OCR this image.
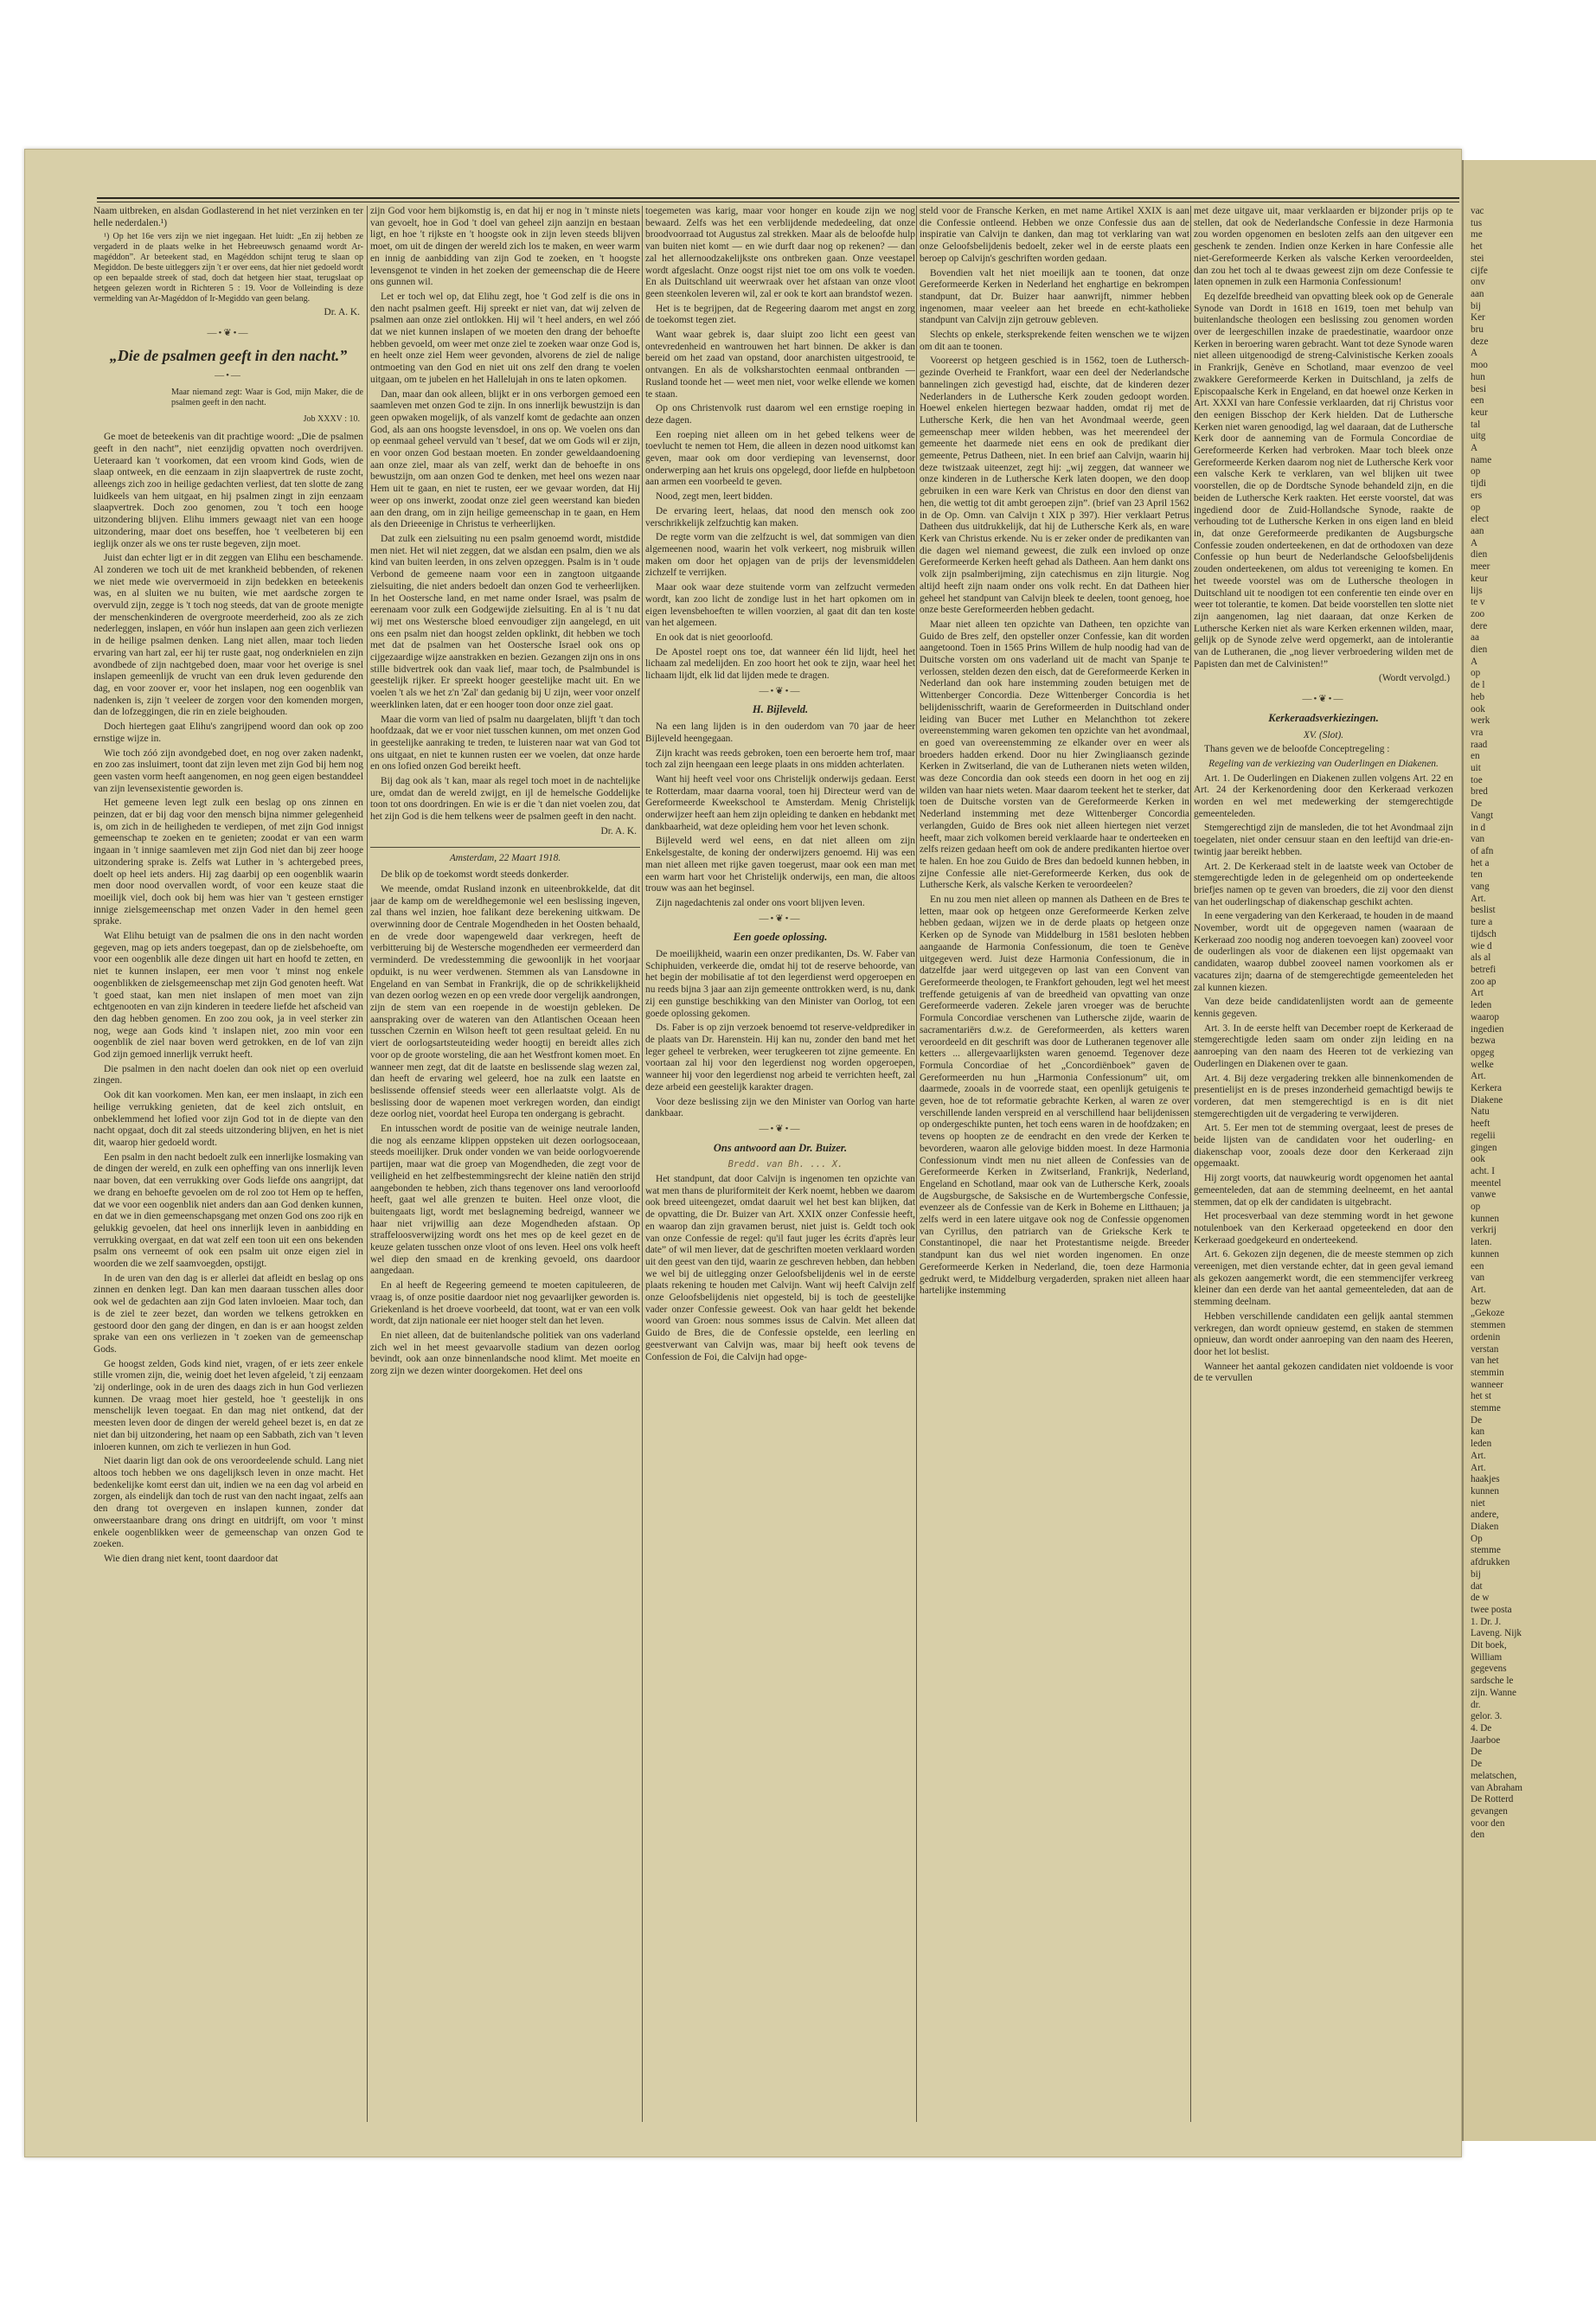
Naam uitbreken, en alsdan Godlasterend in het niet verzinken en ter helle nederdalen.¹)

¹) Op het 16e vers zijn we niet ingegaan. Het luidt: „En zij hebben ze vergaderd in de plaats welke in het Hebreeuwsch genaamd wordt Ar-magéddon”. Ar beteekent stad, en Magéddon schijnt terug te slaan op Megiddon. De beste uitleggers zijn 't er over eens, dat hier niet gedoeld wordt op een bepaalde streek of stad, doch dat hetgeen hier staat, terugslaat op hetgeen gelezen wordt in Richteren 5 : 19. Voor de Volleinding is deze vermelding van Ar-Magéddon of Ir-Megiddo van geen belang.

Dr. A. K.

—•❦•—

„Die de psalmen geeft in den nacht.”

—•—

Maar niemand zegt: Waar is God, mijn Maker, die de psalmen geeft in den nacht.

Job XXXV : 10.

Ge moet de beteekenis van dit prachtige woord: „Die de psalmen geeft in den nacht”, niet eenzijdig opvatten noch overdrijven. Ueteraard kan 't voorkomen, dat een vroom kind Gods, wien de slaap ontweek, en die eenzaam in zijn slaapvertrek de ruste zocht, alleengs zich zoo in heilige gedachten verliest, dat ten slotte de zang luidkeels van hem uitgaat, en hij psalmen zingt in zijn eenzaam slaapvertrek. Doch zoo genomen, zou 't toch een hooge uitzondering blijven. Elihu immers gewaagt niet van een hooge uitzondering, maar doet ons beseffen, hoe 't veelbeteren bij een ieglijk onzer als we ons ter ruste begeven, zijn moet.

Juist dan echter ligt er in dit zeggen van Elihu een beschamende. Al zonderen we toch uit de met krankheid bebbenden, of rekenen we niet mede wie oververmoeid in zijn bedekken en beteekenis was, en al sluiten we nu buiten, wie met aardsche zorgen te overvuld zijn, zegge is 't toch nog steeds, dat van de groote menigte der menschenkinderen de overgroote meerderheid, zoo als ze zich nederleggen, inslapen, en vóór hun inslapen aan geen zich verliezen in de heilige psalmen denken. Lang niet allen, maar toch lieden ervaring van hart zal, eer hij ter ruste gaat, nog onderknielen en zijn avondbede of zijn nachtgebed doen, maar voor het overige is snel inslapen gemeenlijk de vrucht van een druk leven gedurende den dag, en voor zoover er, voor het inslapen, nog een oogenblik van nadenken is, zijn 't veeleer de zorgen voor den komenden morgen, dan de lofzeggingen, die rin en ziele beighouden.

Doch hiertegen gaat Elihu's zangrijpend woord dan ook op zoo ernstige wijze in.

Wie toch zóó zijn avondgebed doet, en nog over zaken nadenkt, en zoo zas insluimert, toont dat zijn leven met zijn God bij hem nog geen vasten vorm heeft aangenomen, en nog geen eigen bestanddeel van zijn levensexistentie geworden is.

Het gemeene leven legt zulk een beslag op ons zinnen en peinzen, dat er bij dag voor den mensch bijna nimmer gelegenheid is, om zich in de heiligheden te verdiepen, of met zijn God innigst gemeenschap te zoeken en te genieten; zoodat er van een warm ingaan in 't innige saamleven met zijn God niet dan bij zeer hooge uitzondering sprake is. Zelfs wat Luther in 's achtergebed prees, doelt op heel iets anders. Hij zag daarbij op een oogenblik waarin men door nood overvallen wordt, of voor een keuze staat die moeilijk viel, doch ook bij hem was hier van 't gesteen ernstiger innige zielsgemeenschap met onzen Vader in den hemel geen sprake.

Wat Elihu betuigt van de psalmen die ons in den nacht worden gegeven, mag op iets anders toegepast, dan op de zielsbehoefte, om voor een oogenblik alle deze dingen uit hart en hoofd te zetten, en niet te kunnen inslapen, eer men voor 't minst nog enkele oogenblikken de zielsgemeenschap met zijn God genoten heeft. Wat 't goed staat, kan men niet inslapen of men moet van zijn echtgenooten en van zijn kinderen in teedere liefde het afscheid van den dag hebben genomen. En zoo zou ook, ja in veel sterker zin nog, wege aan Gods kind 't inslapen niet, zoo min voor een oogenblik de ziel naar boven werd getrokken, en de lof van zijn God zijn gemoed innerlijk verrukt heeft.

Die psalmen in den nacht doelen dan ook niet op een overluid zingen.

Ook dit kan voorkomen. Men kan, eer men inslaapt, in zich een heilige verrukking genieten, dat de keel zich ontsluit, en onbeklemmend het lofied voor zijn God tot in de diepte van den nacht opgaat, doch dit zal steeds uitzondering blijven, en het is niet dit, waarop hier gedoeld wordt.

Een psalm in den nacht bedoelt zulk een innerlijke losmaking van de dingen der wereld, en zulk een opheffing van ons innerlijk leven naar boven, dat een verrukking over Gods liefde ons aangrijpt, dat we drang en behoefte gevoelen om de rol zoo tot Hem op te heffen, dat we voor een oogenblik niet anders dan aan God denken kunnen, en dat we in dien gemeenschapsgang met onzen God ons zoo rijk en gelukkig gevoelen, dat heel ons innerlijk leven in aanbidding en verrukking overgaat, en dat wat zelf een toon uit een ons bekenden psalm ons verneemt of ook een psalm uit onze eigen ziel in woorden die we zelf saamvoegden, opstijgt.

In de uren van den dag is er allerlei dat afleidt en beslag op ons zinnen en denken legt. Dan kan men daaraan tusschen alles door ook wel de gedachten aan zijn God laten invloeien. Maar toch, dan is de ziel te zeer bezet, dan worden we telkens getrokken en gestoord door den gang der dingen, en dan is er aan hoogst zelden sprake van een ons verliezen in 't zoeken van de gemeenschap Gods.

Ge hoogst zelden, Gods kind niet, vragen, of er iets zeer enkele stille vromen zijn, die, weinig doet het leven afgeleid, 't zij eenzaam 'zij onderlinge, ook in de uren des daags zich in hun God verliezen kunnen. De vraag moet hier gesteld, hoe 't geestelijk in ons menschelijk leven toegaat. En dan mag niet ontkend, dat der meesten leven door de dingen der wereld geheel bezet is, en dat ze niet dan bij uitzondering, het naam op een Sabbath, zich van 't leven inloeren kunnen, om zich te verliezen in hun God.

Niet daarin ligt dan ook de ons veroordeelende schuld. Lang niet altoos toch hebben we ons dagelijksch leven in onze macht. Het bedenkelijke komt eerst dan uit, indien we na een dag vol arbeid en zorgen, als eindelijk dan toch de rust van den nacht ingaat, zelfs aan den drang tot overgeven en inslapen kunnen, zonder dat onweerstaanbare drang ons dringt en uitdrijft, om voor 't minst enkele oogenblikken weer de gemeenschap van onzen God te zoeken.

Wie dien drang niet kent, toont daardoor dat

zijn God voor hem bijkomstig is, en dat hij er nog in 't minste niets van gevoelt, hoe in God 't doel van geheel zijn aanzijn en bestaan ligt, en hoe 't rijkste en 't hoogste ook in zijn leven steeds blijven moet, om uit de dingen der wereld zich los te maken, en weer warm en innig de aanbidding van zijn God te zoeken, en 't hoogste levensgenot te vinden in het zoeken der gemeenschap die de Heere ons gunnen wil.

Let er toch wel op, dat Elihu zegt, hoe 't God zelf is die ons in den nacht psalmen geeft. Hij spreekt er niet van, dat wij zelven de psalmen aan onze ziel ontlokken. Hij wil 't heel anders, en wel zóó dat we niet kunnen inslapen of we moeten den drang der behoefte hebben gevoeld, om weer met onze ziel te zoeken waar onze God is, en heelt onze ziel Hem weer gevonden, alvorens de ziel de nalige ontmoeting van den God en niet uit ons zelf den drang te voelen uitgaan, om te jubelen en het Hallelujah in ons te laten opkomen.

Dan, maar dan ook alleen, blijkt er in ons verborgen gemoed een saamleven met onzen God te zijn. In ons innerlijk bewustzijn is dan geen opwaken mogelijk, of als vanzelf komt de gedachte aan onzen God, als aan ons hoogste levensdoel, in ons op. We voelen ons dan op eenmaal geheel vervuld van 't besef, dat we om Gods wil er zijn, en voor onzen God bestaan moeten. En zonder geweldaandoening aan onze ziel, maar als van zelf, werkt dan de behoefte in ons bewustzijn, om aan onzen God te denken, met heel ons wezen naar Hem uit te gaan, en niet te rusten, eer we gevaar worden, dat Hij weer op ons inwerkt, zoodat onze ziel geen weerstand kan bieden aan den drang, om in zijn heilige gemeenschap in te gaan, en Hem als den Drieeenige in Christus te verheerlijken.

Dat zulk een zielsuiting nu een psalm genoemd wordt, mistdide men niet. Het wil niet zeggen, dat we alsdan een psalm, dien we als kind van buiten leerden, in ons zelven opzeggen. Psalm is in 't oude Verbond de gemeene naam voor een in zangtoon uitgaande zielsuiting, die niet anders bedoelt dan onzen God te verheerlijken. In het Oostersche land, en met name onder Israel, was psalm de eerenaam voor zulk een Godgewijde zielsuiting. En al is 't nu dat wij met ons Westersche bloed eenvoudiger zijn aangelegd, en uit ons een psalm niet dan hoogst zelden opklinkt, dit hebben we toch met dat de psalmen van het Oostersche Israel ook ons op cijgezaardige wijze aanstrakken en bezien. Gezangen zijn ons in ons stille bidvertrek ook dan vaak lief, maar toch, de Psalmbundel is geestelijk rijker. Er spreekt hooger geestelijke macht uit. En we voelen 't als we het z'n 'Zal' dan gedanig bij U zijn, weer voor onzelf weerklinken laten, dat er een hooger toon door onze ziel gaat.

Maar die vorm van lied of psalm nu daargelaten, blijft 't dan toch hoofdzaak, dat we er voor niet tusschen kunnen, om met onzen God in geestelijke aanraking te treden, te luisteren naar wat van God tot ons uitgaat, en niet te kunnen rusten eer we voelen, dat onze harde en ons lofied onzen God bereikt heeft.

Bij dag ook als 't kan, maar als regel toch moet in de nachtelijke ure, omdat dan de wereld zwijgt, en ijl de hemelsche Goddelijke toon tot ons doordringen. En wie is er die 't dan niet voelen zou, dat het zijn God is die hem telkens weer de psalmen geeft in den nacht.

Dr. A. K.

Amsterdam, 22 Maart 1918.

De blik op de toekomst wordt steeds donkerder.

We meende, omdat Rusland inzonk en uiteenbrokkelde, dat dit jaar de kamp om de wereldhegemonie wel een beslissing ingeven, zal thans wel inzien, hoe falikant deze berekening uitkwam. De overwinning door de Centrale Mogendheden in het Oosten behaald, en de vrede door wapengeweld daar verkregen, heeft de verbitteruing bij de Westersche mogendheden eer vermeerderd dan verminderd. De vredesstemming die gewoonlijk in het voorjaar opduikt, is nu weer verdwenen. Stemmen als van Lansdowne in Engeland en van Sembat in Frankrijk, die op de schrikkelijkheid van dezen oorlog wezen en op een vrede door vergelijk aandrongen, zijn de stem van een roepende in de woestijn gebleken. De aanspraking over de wateren van den Atlantischen Oceaan heen tusschen Czernin en Wilson heeft tot geen resultaat geleid. En nu viert de oorlogsartsteuteiding weder hoogtij en bereidt alles zich voor op de groote worsteling, die aan het Westfront komen moet. En wanneer men zegt, dat dit de laatste en beslissende slag wezen zal, dan heeft de ervaring wel geleerd, hoe na zulk een laatste en beslissende offensief steeds weer een allerlaatste volgt. Als de beslissing door de wapenen moet verkregen worden, dan eindigt deze oorlog niet, voordat heel Europa ten ondergang is gebracht.

En intusschen wordt de positie van de weinige neutrale landen, die nog als eenzame klippen oppsteken uit dezen oorlogsoceaan, steeds moeilijker. Druk onder vonden we van beide oorlogvoerende partijen, maar wat die groep van Mogendheden, die zegt voor de veiligheid en het zelfbestemmingsrecht der kleine natiën den strijd aangebonden te hebben, zich thans tegenover ons land veroorloofd heeft, gaat wel alle grenzen te buiten. Heel onze vloot, die buitengaats ligt, wordt met beslagneming bedreigd, wanneer we haar niet vrijwillig aan deze Mogendheden afstaan. Op straffeloosverwijzing wordt ons het mes op de keel gezet en de keuze gelaten tusschen onze vloot of ons leven. Heel ons volk heeft wel diep den smaad en de krenking gevoeld, ons daardoor aangedaan.

En al heeft de Regeering gemeend te moeten capituleeren, de vraag is, of onze positie daardoor niet nog gevaarlijker geworden is. Griekenland is het droeve voorbeeld, dat toont, wat er van een volk wordt, dat zijn nationale eer niet hooger stelt dan het leven.

En niet alleen, dat de buitenlandsche politiek van ons vaderland zich wel in het meest gevaarvolle stadium van dezen oorlog bevindt, ook aan onze binnenlandsche nood klimt. Met moeite en zorg zijn we dezen winter doorgekomen. Het deel ons

toegemeten was karig, maar voor honger en koude zijn we nog bewaard. Zelfs was het een verblijdende mededeeling, dat onze broodvoorraad tot Augustus zal strekken. Maar als de beloofde hulp van buiten niet komt — en wie durft daar nog op rekenen? — dan zal het allernoodzakelijkste ons ontbreken gaan. Onze veestapel wordt afgeslacht. Onze oogst rijst niet toe om ons volk te voeden. En als Duitschland uit weerwraak over het afstaan van onze vloot geen steenkolen leveren wil, zal er ook te kort aan brandstof wezen.

Het is te begrijpen, dat de Regeering daarom met angst en zorg de toekomst tegen ziet.

Want waar gebrek is, daar sluipt zoo licht een geest van ontevredenheid en wantrouwen het hart binnen. De akker is dan bereid om het zaad van opstand, door anarchisten uitgestrooid, te ontvangen. En als de volksharstochten eenmaal ontbranden — Rusland toonde het — weet men niet, voor welke ellende we komen te staan.

Op ons Christenvolk rust daarom wel een ernstige roeping in deze dagen.

Een roeping niet alleen om in het gebed telkens weer de toevlucht te nemen tot Hem, die alleen in dezen nood uitkomst kan geven, maar ook om door verdieping van levensernst, door onderwerping aan het kruis ons opgelegd, door liefde en hulpbetoon aan armen een voorbeeld te geven.

Nood, zegt men, leert bidden.

De ervaring leert, helaas, dat nood den mensch ook zoo verschrikkelijk zelfzuchtig kan maken.

De regte vorm van die zelfzucht is wel, dat sommigen van dien algemeenen nood, waarin het volk verkeert, nog misbruik willen maken om door het opjagen van de prijs der levensmiddelen zichzelf te verrijken.

Maar ook waar deze stuitende vorm van zelfzucht vermeden wordt, kan zoo licht de zondige lust in het hart opkomen om in eigen levensbehoeften te willen voorzien, al gaat dit dan ten koste van het algemeen.

En ook dat is niet geoorloofd.

De Apostel roept ons toe, dat wanneer één lid lijdt, heel het lichaam zal medelijden. En zoo hoort het ook te zijn, waar heel het lichaam lijdt, elk lid dat lijden mede te dragen.

—•❦•—

H. Bijleveld.

Na een lang lijden is in den ouderdom van 70 jaar de heer Bijleveld heengegaan.

Zijn kracht was reeds gebroken, toen een beroerte hem trof, maar toch zal zijn heengaan een leege plaats in ons midden achterlaten.

Want hij heeft veel voor ons Christelijk onderwijs gedaan. Eerst te Rotterdam, maar daarna vooral, toen hij Directeur werd van de Gereformeerde Kweekschool te Amsterdam. Menig Christelijk onderwijzer heeft aan hem zijn opleiding te danken en hebdankt met dankbaarheid, wat deze opleiding hem voor het leven schonk.

Bijleveld werd wel eens, en dat niet alleen om zijn Enkelsgestalte, de koning der onderwijzers genoemd. Hij was een man niet alleen met rijke gaven toegerust, maar ook een man met een warm hart voor het Christelijk onderwijs, een man, die altoos trouw was aan het beginsel.

Zijn nagedachtenis zal onder ons voort blijven leven.

—•❦•—

Een goede oplossing.

De moeilijkheid, waarin een onzer predikanten, Ds. W. Faber van Schiphuiden, verkeerde die, omdat hij tot de reserve behoorde, van het begin der mobilisatie af tot den legerdienst werd opgeroepen en nu reeds bijna 3 jaar aan zijn gemeente onttrokken werd, is nu, dank zij een gunstige beschikking van den Minister van Oorlog, tot een goede oplossing gekomen.

Ds. Faber is op zijn verzoek benoemd tot reserve-veldprediker in de plaats van Dr. Harenstein. Hij kan nu, zonder den band met het leger geheel te verbreken, weer terugkeeren tot zijne gemeente. En voortaan zal hij voor den legerdienst nog worden opgeroepen, wanneer hij voor den legerdienst nog arbeid te verrichten heeft, zal deze arbeid een geestelijk karakter dragen.

Voor deze beslissing zijn we den Minister van Oorlog van harte dankbaar.

—•❦•—

Ons antwoord aan Dr. Buizer.

Bredd. van Bh. ... X.

Het standpunt, dat door Calvijn is ingenomen ten opzichte van wat men thans de pluriformiteit der Kerk noemt, hebben we daarom ook breed uiteengezet, omdat daaruit wel het best kan blijken, dat de opvatting, die Dr. Buizer van Art. XXIX onzer Confessie heeft, en waarop dan zijn gravamen berust, niet juist is. Geldt toch ook van onze Confessie de regel: qu'il faut juger les écrits d'après leur date” of wil men liever, dat de geschriften moeten verklaard worden uit den geest van den tijd, waarin ze geschreven hebben, dan hebben we wel bij de uitlegging onzer Geloofsbelijdenis wel in de eerste plaats rekening te houden met Calvijn. Want wij heeft Calvijn zelf onze Geloofsbelijdenis niet opgesteld, bij is toch de geestelijke vader onzer Confessie geweest. Ook van haar geldt het bekende woord van Groen: nous sommes issus de Calvin. Met alleen dat Guido de Bres, die de Confessie opstelde, een leerling en geestverwant van Calvijn was, maar bij heeft ook tevens de Confession de Foi, die Calvijn had opge-

steld voor de Fransche Kerken, en met name Artikel XXIX is aan die Confessie ontleend. Hebben we onze Confessie dus aan de inspiratie van Calvijn te danken, dan mag tot verklaring van wat onze Geloofsbelijdenis bedoelt, zeker wel in de eerste plaats een beroep op Calvijn's geschriften worden gedaan.

Bovendien valt het niet moeilijk aan te toonen, dat onze Gereformeerde Kerken in Nederland het enghartige en bekrompen standpunt, dat Dr. Buizer haar aanwrijft, nimmer hebben ingenomen, maar veeleer aan het breede en echt-katholieke standpunt van Calvijn zijn getrouw gebleven.

Slechts op enkele, sterksprekende feiten wenschen we te wijzen om dit aan te toonen.

Vooreerst op hetgeen geschied is in 1562, toen de Luthersch-gezinde Overheid te Frankfort, waar een deel der Nederlandsche bannelingen zich gevestigd had, eischte, dat de kinderen dezer Nederlanders in de Luthersche Kerk zouden gedoopt worden. Hoewel enkelen hiertegen bezwaar hadden, omdat rij met de Luthersche Kerk, die hen van het Avondmaal weerde, geen gemeenschap meer wilden hebben, was het meerendeel der gemeente het daarmede niet eens en ook de predikant dier gemeente, Petrus Datheen, niet. In een brief aan Calvijn, waarin hij deze twistzaak uiteenzet, zegt hij: „wij zeggen, dat wanneer we onze kinderen in de Luthersche Kerk laten doopen, we den doop gebruiken in een ware Kerk van Christus en door den dienst van hen, die wettig tot dit ambt geroepen zijn”. (brief van 23 April 1562 in de Op. Omn. van Calvijn t XIX p 397). Hier verklaart Petrus Datheen dus uitdrukkelijk, dat hij de Luthersche Kerk als, en ware Kerk van Christus erkende. Nu is er zeker onder de predikanten van die dagen wel niemand geweest, die zulk een invloed op onze Gereformeerde Kerken heeft gehad als Datheen. Aan hem dankt ons volk zijn psalmberijming, zijn catechismus en zijn liturgie. Nog altijd heeft zijn naam onder ons volk recht. En dat Datheen hier geheel het standpunt van Calvijn bleek te deelen, toont genoeg, hoe onze beste Gereformeerden hebben gedacht.

Maar niet alleen ten opzichte van Datheen, ten opzichte van Guido de Bres zelf, den opsteller onzer Confessie, kan dit worden aangetoond. Toen in 1565 Prins Willem de hulp noodig had van de Duitsche vorsten om ons vaderland uit de macht van Spanje te verlossen, stelden dezen den eisch, dat de Gereformeerde Kerken in Nederland dan ook hare instemming zouden betuigen met de Wittenberger Concordia. Deze Wittenberger Concordia is het belijdenisschrift, waarin de Gereformeerden in Duitschland onder leiding van Bucer met Luther en Melanchthon tot zekere overeenstemming waren gekomen ten opzichte van het avondmaal, en goed van overeenstemming ze elkander over en weer als broeders hadden erkend. Door nu hier Zwingliaansch gezinde Kerken in Zwitserland, die van de Lutheranen niets weten wilden, was deze Concordia dan ook steeds een doorn in het oog en zij wilden van haar niets weten. Maar daarom teekent het te sterker, dat toen de Duitsche vorsten van de Gereformeerde Kerken in Nederland instemming met deze Wittenberger Concordia verlangden, Guido de Bres ook niet alleen hiertegen niet verzet heeft, maar zich volkomen bereid verklaarde haar te onderteeken en zelfs reizen gedaan heeft om ook de andere predikanten hiertoe over te halen. En hoe zou Guido de Bres dan bedoeld kunnen hebben, in zijne Confessie alle niet-Gereformeerde Kerken, dus ook de Luthersche Kerk, als valsche Kerken te veroordeelen?

En nu zou men niet alleen op mannen als Datheen en de Bres te letten, maar ook op hetgeen onze Gereformeerde Kerken zelve hebben gedaan, wijzen we in de derde plaats op hetgeen onze Kerken op de Synode van Middelburg in 1581 besloten hebben aangaande de Harmonia Confessionum, die toen te Genève uitgegeven werd. Juist deze Harmonia Confessionum, die in datzelfde jaar werd uitgegeven op last van een Convent van Gereformeerde theologen, te Frankfort gehouden, legt wel het meest treffende getuigenis af van de breedheid van opvatting van onze Gereformeerde vaderen. Zekele jaren vroeger was de beruchte Formula Concordiae verschenen van Luthersche zijde, waarin de sacramentariërs d.w.z. de Gereformeerden, als ketters waren veroordeeld en dit geschrift was door de Lutheranen tegenover alle ketters ... allergevaarlijksten waren genoemd. Tegenover deze Formula Concordiae of het „Concordiënboek” gaven de Gereformeerden nu hun „Harmonia Confessionum” uit, om daarmede, zooals in de voorrede staat, een openlijk getuigenis te geven, hoe de tot reformatie gebrachte Kerken, al waren ze over verschillende landen verspreid en al verschillend haar belijdenissen op ondergeschikte punten, het toch eens waren in de hoofdzaken; en tevens op hoopten ze de eendracht en den vrede der Kerken te bevorderen, waaron alle gelovige bidden moest. In deze Harmonia Confessionum vindt men nu niet alleen de Confessies van de Gereformeerde Kerken in Zwitserland, Frankrijk, Nederland, Engeland en Schotland, maar ook van de Luthersche Kerk, zooals de Augsburgsche, de Saksische en de Wurtembergsche Confessie, evenzeer als de Confessie van de Kerk in Boheme en Litthauen; ja zelfs werd in een latere uitgave ook nog de Confessie opgenomen van Cyrillus, den patriarch van de Grieksche Kerk te Constantinopel, die naar het Protestantisme neigde. Breeder standpunt kan dus wel niet worden ingenomen. En onze Gereformeerde Kerken in Nederland, die, toen deze Harmonia gedrukt werd, te Middelburg vergaderden, spraken niet alleen haar hartelijke instemming

met deze uitgave uit, maar verklaarden er bijzonder prijs op te stellen, dat ook de Nederlandsche Confessie in deze Harmonia zou worden opgenomen en besloten zelfs aan den uitgever een geschenk te zenden. Indien onze Kerken in hare Confessie alle niet-Gereformeerde Kerken als valsche Kerken veroordeelden, dan zou het toch al te dwaas geweest zijn om deze Confessie te laten opnemen in zulk een Harmonia Confessionum!

Eq dezelfde breedheid van opvatting bleek ook op de Generale Synode van Dordt in 1618 en 1619, toen met behulp van buitenlandsche theologen een beslissing zou genomen worden over de leergeschillen inzake de praedestinatie, waardoor onze Kerken in beroering waren gebracht. Want tot deze Synode waren niet alleen uitgenoodigd de streng-Calvinistische Kerken zooals in Frankrijk, Genève en Schotland, maar evenzoo de veel zwakkere Gereformeerde Kerken in Duitschland, ja zelfs de Episcopaalsche Kerk in Engeland, en dat hoewel onze Kerken in Art. XXXI van hare Confessie verklaarden, dat rij Christus voor den eenigen Bisschop der Kerk hielden. Dat de Luthersche Kerken niet waren genoodigd, lag wel daaraan, dat de Luthersche Kerk door de aanneming van de Formula Concordiae de Gereformeerde Kerken had verbroken. Maar toch bleek onze Gereformeerde Kerken daarom nog niet de Luthersche Kerk voor een valsche Kerk te verklaren, van wel blijken uit twee voorstellen, die op de Dordtsche Synode behandeld zijn, en die beiden de Luthersche Kerk raakten. Het eerste voorstel, dat was ingediend door de Zuid-Hollandsche Synode, raakte de verhouding tot de Luthersche Kerken in ons eigen land en bleid in, dat onze Gereformeerde predikanten de Augsburgsche Confessie zouden onderteekenen, en dat de orthodoxen van deze Confessie op hun beurt de Nederlandsche Geloofsbelijdenis zouden onderteekenen, om aldus tot vereeniging te komen. En het tweede voorstel was om de Luthersche theologen in Duitschland uit te noodigen tot een conferentie ten einde over en weer tot tolerantie, te komen. Dat beide voorstellen ten slotte niet zijn aangenomen, lag niet daaraan, dat onze Kerken de Luthersche Kerken niet als ware Kerken erkennen wilden, maar, gelijk op de Synode zelve werd opgemerkt, aan de intolerantie van de Lutheranen, die „nog liever verbroedering wilden met de Papisten dan met de Calvinisten!”

(Wordt vervolgd.)

—•❦•—

Kerkeraadsverkiezingen.

XV. (Slot).

Thans geven we de beloofde Conceptregeling :

Regeling van de verkiezing van Ouderlingen en Diakenen.

Art. 1. De Ouderlingen en Diakenen zullen volgens Art. 22 en Art. 24 der Kerkenordening door den Kerkeraad verkozen worden en wel met medewerking der stemgerechtigde gemeenteleden.

Stemgerechtigd zijn de mansleden, die tot het Avondmaal zijn toegelaten, niet onder censuur staan en den leeftijd van drie-en-twintig jaar bereikt hebben.

Art. 2. De Kerkeraad stelt in de laatste week van October de stemgerechtigde leden in de gelegenheid om op onderteekende briefjes namen op te geven van broeders, die zij voor den dienst van het ouderlingschap of diakenschap geschikt achten.

In eene vergadering van den Kerkeraad, te houden in de maand November, wordt uit de opgegeven namen (waaraan de Kerkeraad zoo noodig nog anderen toevoegen kan) zooveel voor de ouderlingen als voor de diakenen een lijst opgemaakt van candidaten, waarop dubbel zooveel namen voorkomen als er vacatures zijn; daarna of de stemgerechtigde gemeenteleden het zal kunnen kiezen.

Van deze beide candidatenlijsten wordt aan de gemeente kennis gegeven.

Art. 3. In de eerste helft van December roept de Kerkeraad de stemgerechtigde leden saam om onder zijn leiding en na aanroeping van den naam des Heeren tot de verkiezing van Ouderlingen en Diakenen over te gaan.

Art. 4. Bij deze vergadering trekken alle binnenkomenden de presentielijst en is de preses inzonderheid gemachtigd bewijs te vorderen, dat men stemgerechtigd is en is dit niet stemgerechtigden uit de vergadering te verwijderen.

Art. 5. Eer men tot de stemming overgaat, leest de preses de beide lijsten van de candidaten voor het ouderling- en diakenschap voor, zooals deze door den Kerkeraad zijn opgemaakt.

Hij zorgt voorts, dat nauwkeurig wordt opgenomen het aantal gemeenteleden, dat aan de stemming deelneemt, en het aantal stemmen, dat op elk der candidaten is uitgebracht.

Het procesverbaal van deze stemming wordt in het gewone notulenboek van den Kerkeraad opgeteekend en door den Kerkeraad goedgekeurd en onderteekend.

Art. 6. Gekozen zijn degenen, die de meeste stemmen op zich vereenigen, met dien verstande echter, dat in geen geval iemand als gekozen aangemerkt wordt, die een stemmencijfer verkreeg kleiner dan een derde van het aantal gemeenteleden, dat aan de stemming deelnam.

Hebben verschillende candidaten een gelijk aantal stemmen verkregen, dan wordt opnieuw gestemd, en staken de stemmen opnieuw, dan wordt onder aanroeping van den naam des Heeren, door het lot beslist.

Wanneer het aantal gekozen candidaten niet voldoende is voor de te vervullen

vac
tus
me
het
stei
cijfe
onv
aan
bij
Ker
bru
deze
A
moo
hun
besi
een
keur
tal
uitg
A
name
op
tijdi
ers
op
elect
aan
A
dien
meer
keur
lijs
te v
zoo
dere
aa
dien
A
op
de l
heb
ook
werk
vra
raad
en
uit
toe
bred
De
Vangt
in d
van
of afn
het a
ten
vang
Art.
beslist
ture a
tijdsch
wie d
als al
betrefi
zoo ap
Art
leden
waarop
ingedien
bezwa
opgeg
welke
Art.
Kerkera
Diakene
Natu
heeft
regelii
gingen
ook
acht. I
meentel
vanwe
op
kunnen
verkrij
laten.
kunnen
een
van
Art.
bezw
„Gekoze
stemmen
ordenin
verstan
van het
stemmin
wanneer
het st
stemme
De
kan
leden
Art.
Art.
haakjes
kunnen
niet
andere,
Diaken
Op
stemme
afdrukken
bij
dat
de w
twee posta
1. Dr. J.
Laveng. Nijk
Dit boek,
William
gegevens
sardsche le
zijn. Wanne
dr.
gelor. 3.
4. De
Jaarboe
De
De
melatschen,
van Abraham
De Rotterd
gevangen
voor den
den
